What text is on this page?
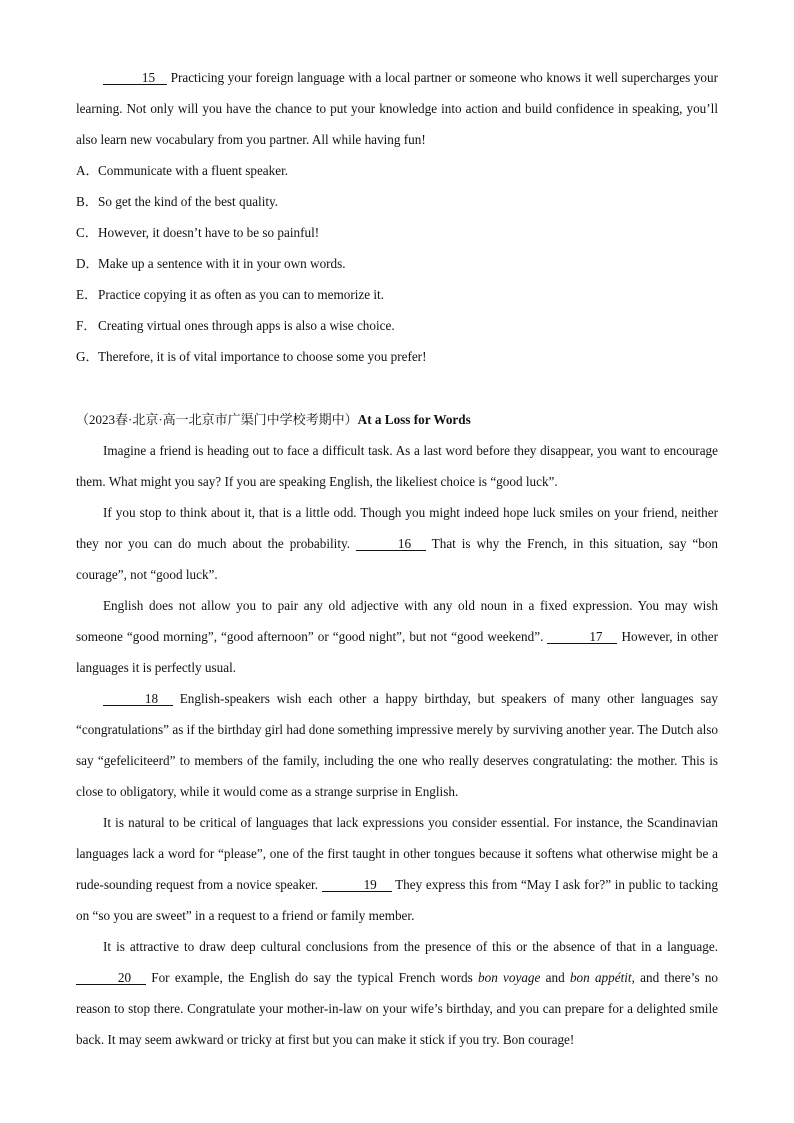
15 Practicing your foreign language with a local partner or someone who knows it well supercharges your learning. Not only will you have the chance to put your knowledge into action and build confidence in speaking, you’ll also learn new vocabulary from you partner. All while having fun!

A．Communicate with a fluent speaker.

B．So get the kind of the best quality.

C．However, it doesn’t have to be so painful!

D．Make up a sentence with it in your own words.

E．Practice copying it as often as you can to memorize it.

F．Creating virtual ones through apps is also a wise choice.

G．Therefore, it is of vital importance to choose some you prefer!

（2023春·北京·高一北京市广渠门中学校考期中）At a Loss for Words

Imagine a friend is heading out to face a difficult task. As a last word before they disappear, you want to encourage them. What might you say? If you are speaking English, the likeliest choice is “good luck”.

If you stop to think about it, that is a little odd. Though you might indeed hope luck smiles on your friend, neither they nor you can do much about the probability.	16 That is why the French, in this situation, say “bon courage”, not “good luck”.

English does not allow you to pair any old adjective with any old noun in a fixed expression. You may wish someone “good morning”, “good afternoon” or “good night”, but not “good weekend”.	17 However, in other languages it is perfectly usual.

18 English-speakers wish each other a happy birthday, but speakers of many other languages say “congratulations” as if the birthday girl had done something impressive merely by surviving another year. The Dutch also say “gefeliciteerd” to members of the family, including the one who really deserves congratulating: the mother. This is close to obligatory, while it would come as a strange surprise in English.

It is natural to be critical of languages that lack expressions you consider essential. For instance, the Scandinavian languages lack a word for “please”, one of the first taught in other tongues because it softens what otherwise might be a rude-sounding request from a novice speaker.	19 They express this from “May I ask for?” in public to tacking on “so you are sweet” in a request to a friend or family member.

It is attractive to draw deep cultural conclusions from the presence of this or the absence of that in a language. 20 For example, the English do say the typical French words bon voyage and bon appétit, and there’s no reason to stop there. Congratulate your mother-in-law on your wife’s birthday, and you can prepare for a delighted smile back. It may seem awkward or tricky at first but you can make it stick if you try. Bon courage!
